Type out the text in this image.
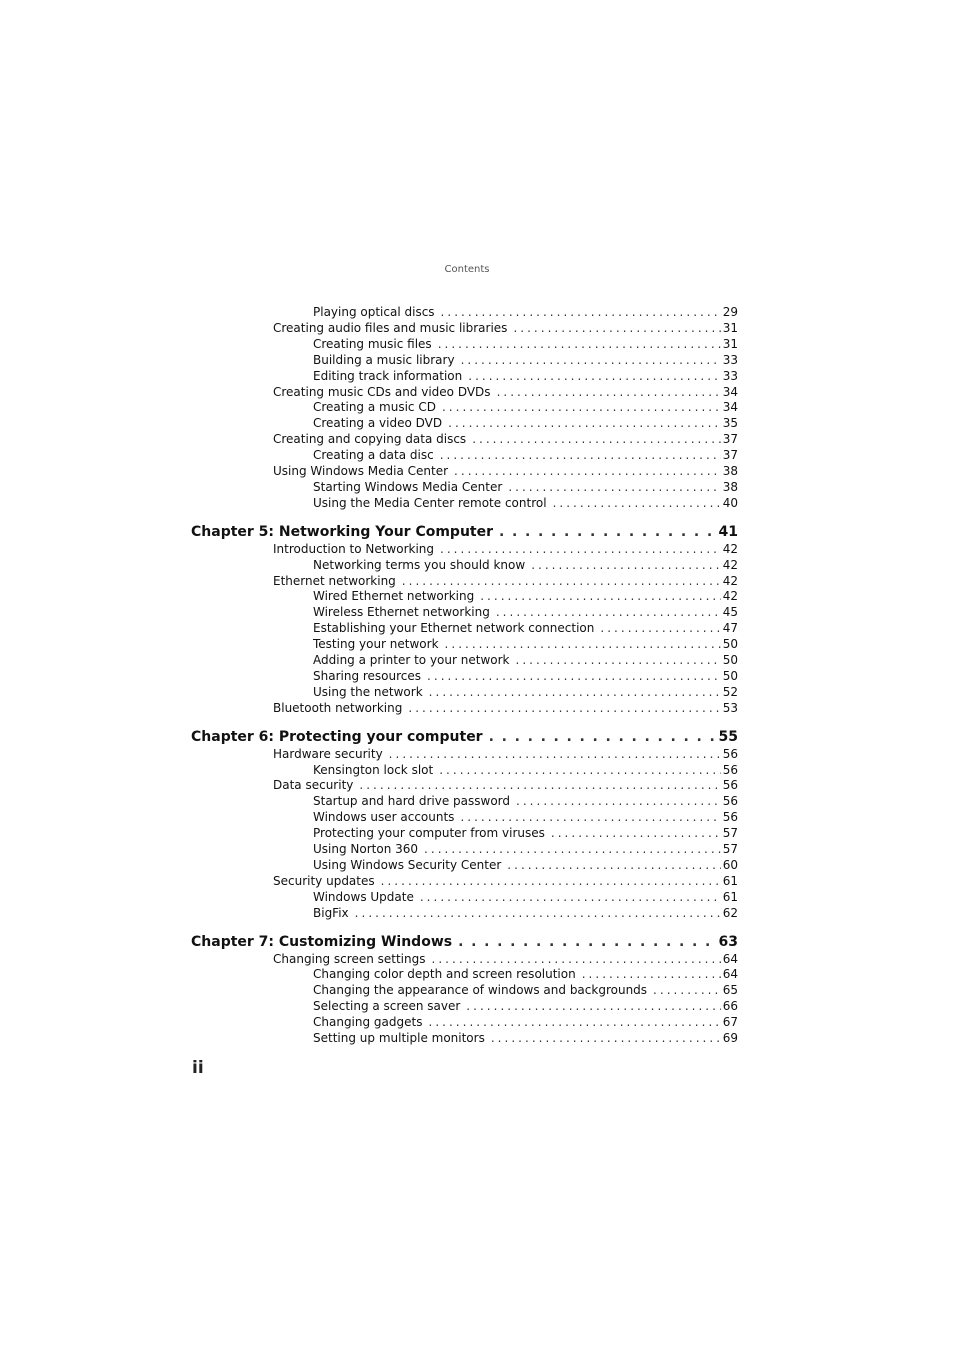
Contents
Playing optical discs . . .	29
Creating audio files and music libraries . . .	31
Creating music files . . .	31
Building a music library . . .	33
Editing track information . . .	33
Creating music CDs and video DVDs . . .	34
Creating a music CD . . .	34
Creating a video DVD . . .	35
Creating and copying data discs . . .	37
Creating a data disc . . .	37
Using Windows Media Center . . .	38
Starting Windows Media Center . . .	38
Using the Media Center remote control . . .	40
Chapter 5: Networking Your Computer . . .	41
Introduction to Networking . . .	42
Networking terms you should know . . .	42
Ethernet networking . . .	42
Wired Ethernet networking . . .	42
Wireless Ethernet networking . . .	45
Establishing your Ethernet network connection . . .	47
Testing your network . . .	50
Adding a printer to your network . . .	50
Sharing resources . . .	50
Using the network . . .	52
Bluetooth networking . . .	53
Chapter 6: Protecting your computer . . .	55
Hardware security . . .	56
Kensington lock slot . . .	56
Data security . . .	56
Startup and hard drive password . . .	56
Windows user accounts . . .	56
Protecting your computer from viruses . . .	57
Using Norton 360 . . .	57
Using Windows Security Center . . .	60
Security updates . . .	61
Windows Update . . .	61
BigFix . . .	62
Chapter 7: Customizing Windows . . .	63
Changing screen settings . . .	64
Changing color depth and screen resolution . . .	64
Changing the appearance of windows and backgrounds . . .	65
Selecting a screen saver . . .	66
Changing gadgets . . .	67
Setting up multiple monitors . . .	69
ii
